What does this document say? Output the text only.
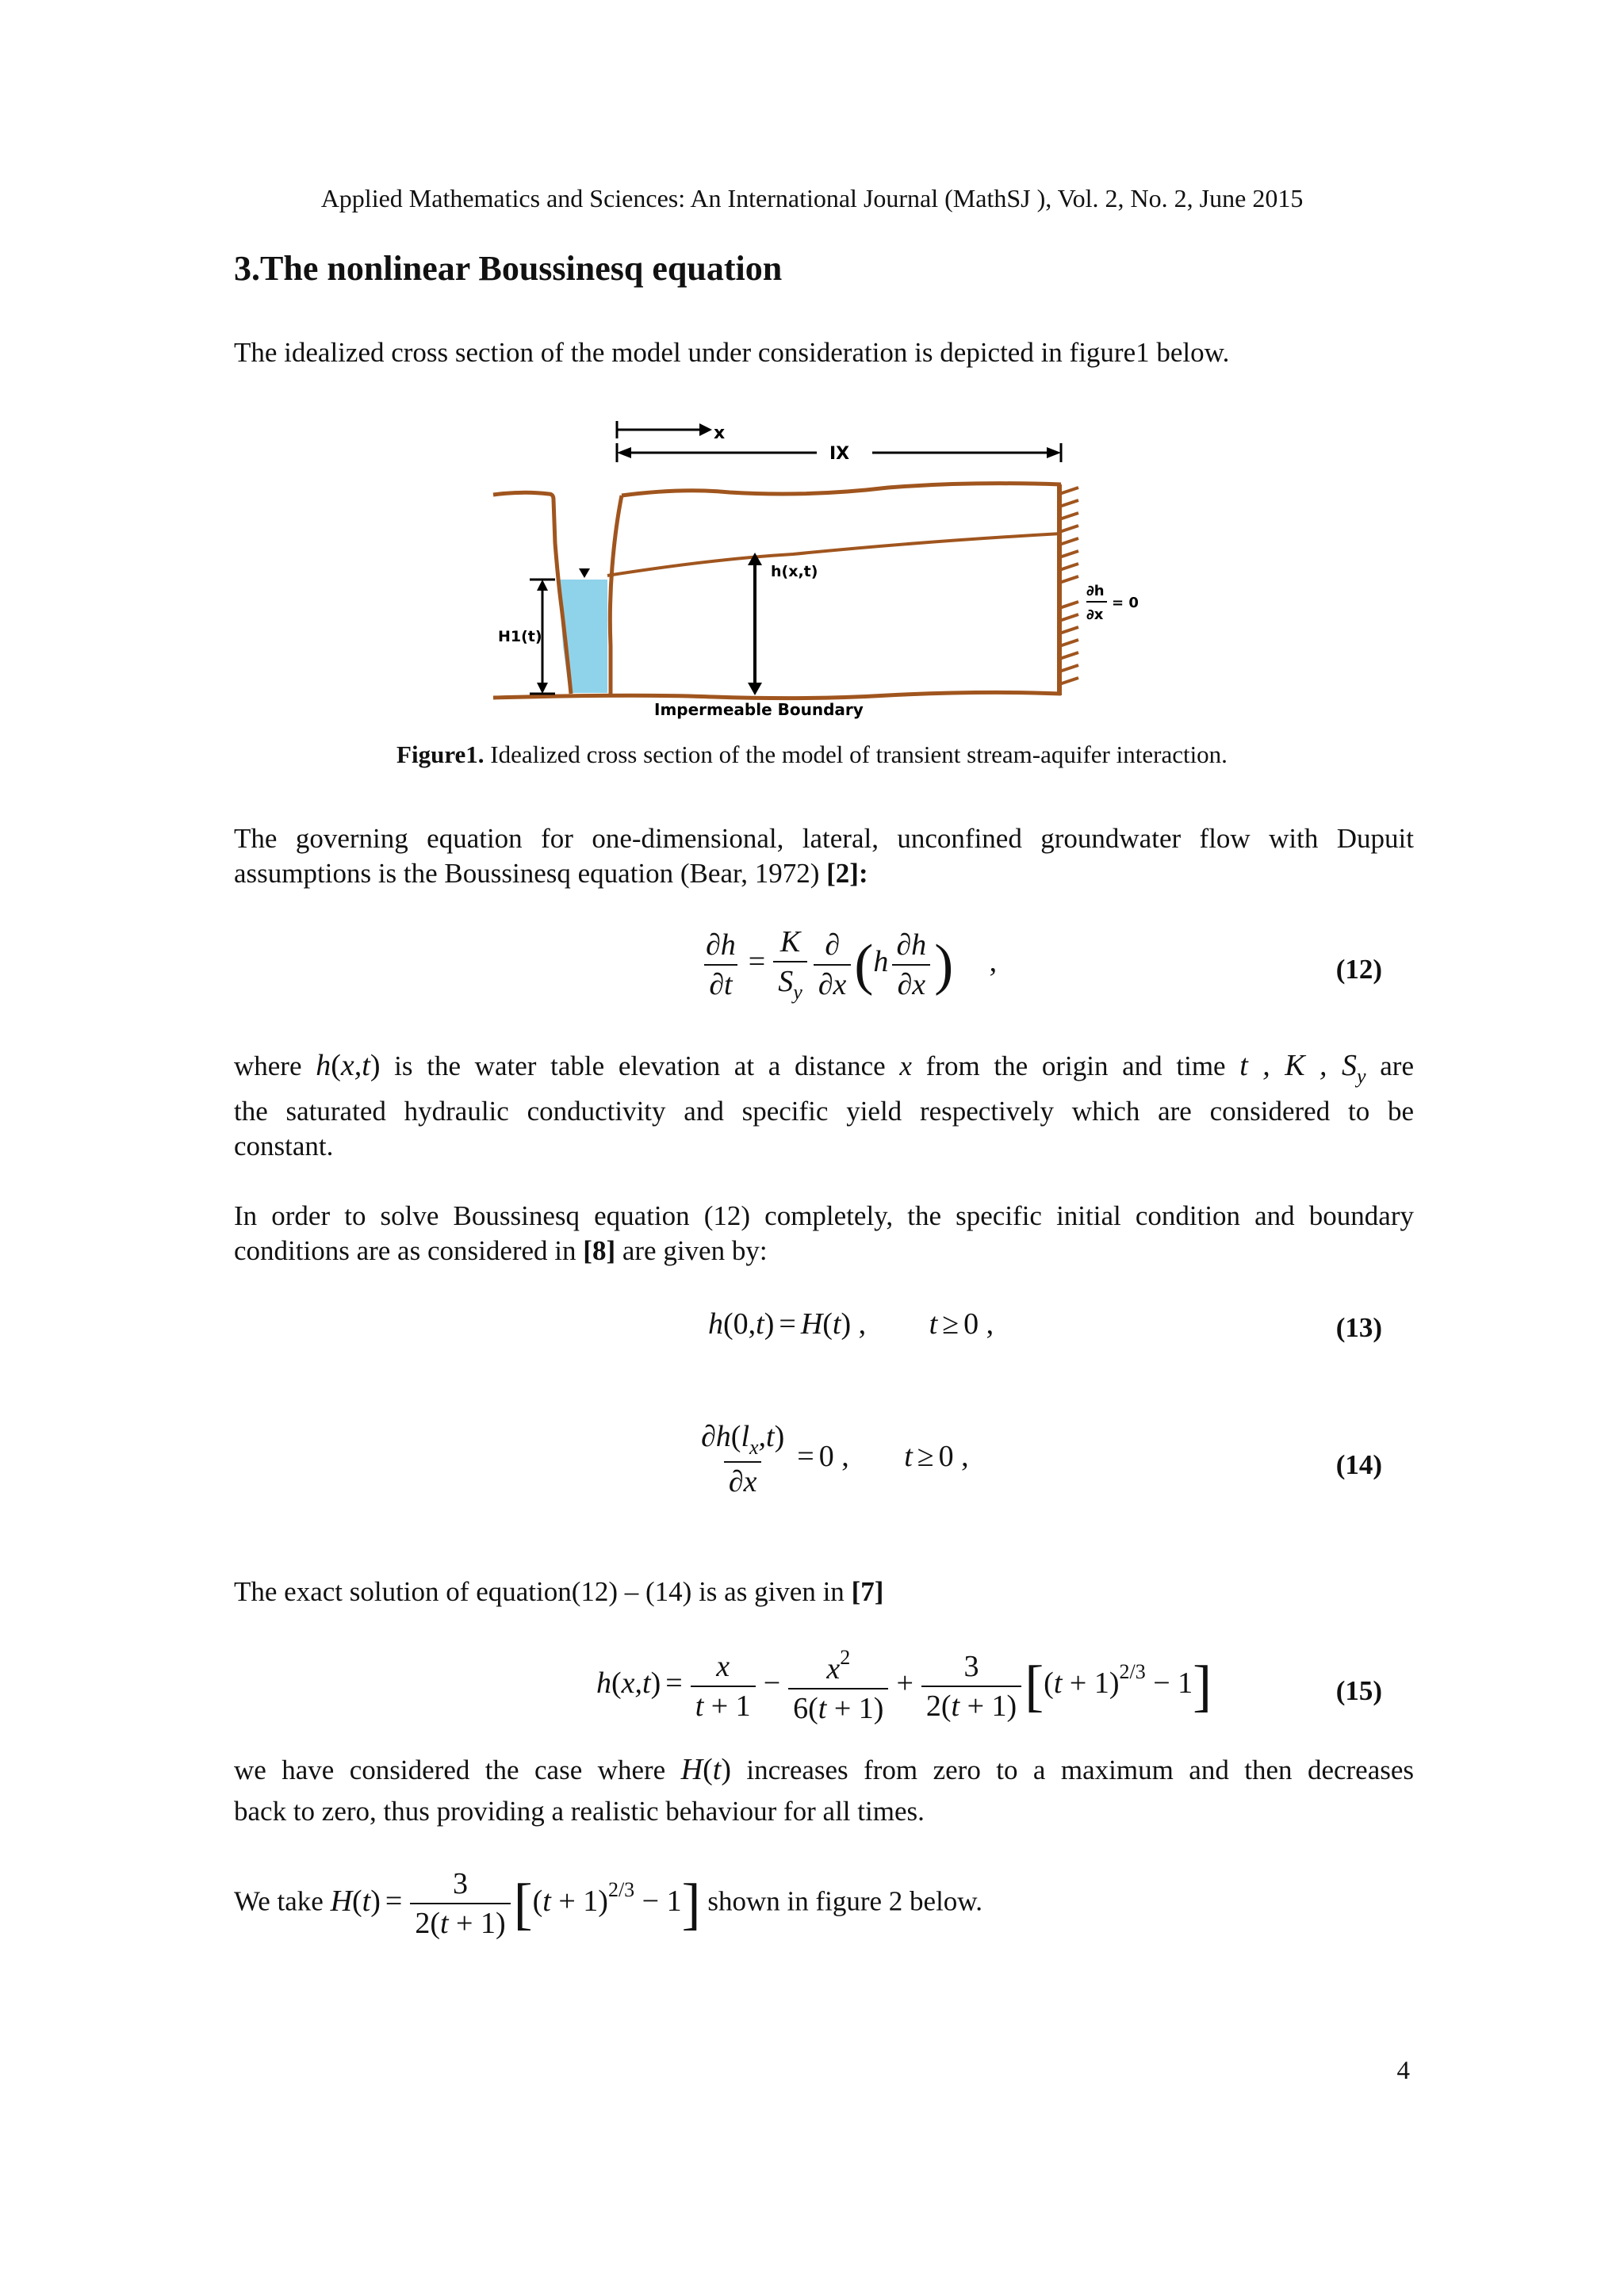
Applied Mathematics and Sciences: An International Journal (MathSJ ), Vol. 2, No. 2, June 2015
3.The nonlinear Boussinesq equation

The idealized cross section of the model under consideration is depicted in figure1 below.

x
IX
h(x,t)
H1(t)
∂h
∂x
= 0
Impermeable Boundary
Figure1. Idealized cross section of the model of transient stream-aquifer interaction.

The governing equation for one-dimensional, lateral, unconfined groundwater flow with Dupuit

assumptions is the Boussinesq equation (Bear, 1972) [2]:

$\frac{\partial h}{\partial t} = \frac{K}{S_y} \frac{\partial}{\partial x} (h \frac{\partial h}{\partial x}$ ) ,	(12)

where h(x,t) is the water table elevation at a distance x from the origin and time t , K , $S_y$ are

the saturated hydraulic conductivity and specific yield respectively which are considered to be

constant.

In order to solve Boussinesq equation (12) completely, the specific initial condition and boundary

conditions are as considered in [8] are given by:

h(0,t) = H(t) , t ≥ 0 ,	(13)
$\frac{\partial h(l_x,t)}{\partial x} = 0$ , t ≥ 0 ,	(14)

The exact solution of equation(12) – (14) is as given in [7]

$h(x,t) = \frac{x}{t + 1} - \frac{x^2}{6(t + 1)} + \frac{3}{2(t + 1)} [(t + 1)^{2/3} - 1]$	(15)

we have considered the case where H(t) increases from zero to a maximum and then decreases

back to zero, thus providing a realistic behaviour for all times.

We take $H(t) = \frac{3}{2(t + 1)} [(t + 1)^{2/3} - 1]$ shown in figure 2 below.

4
